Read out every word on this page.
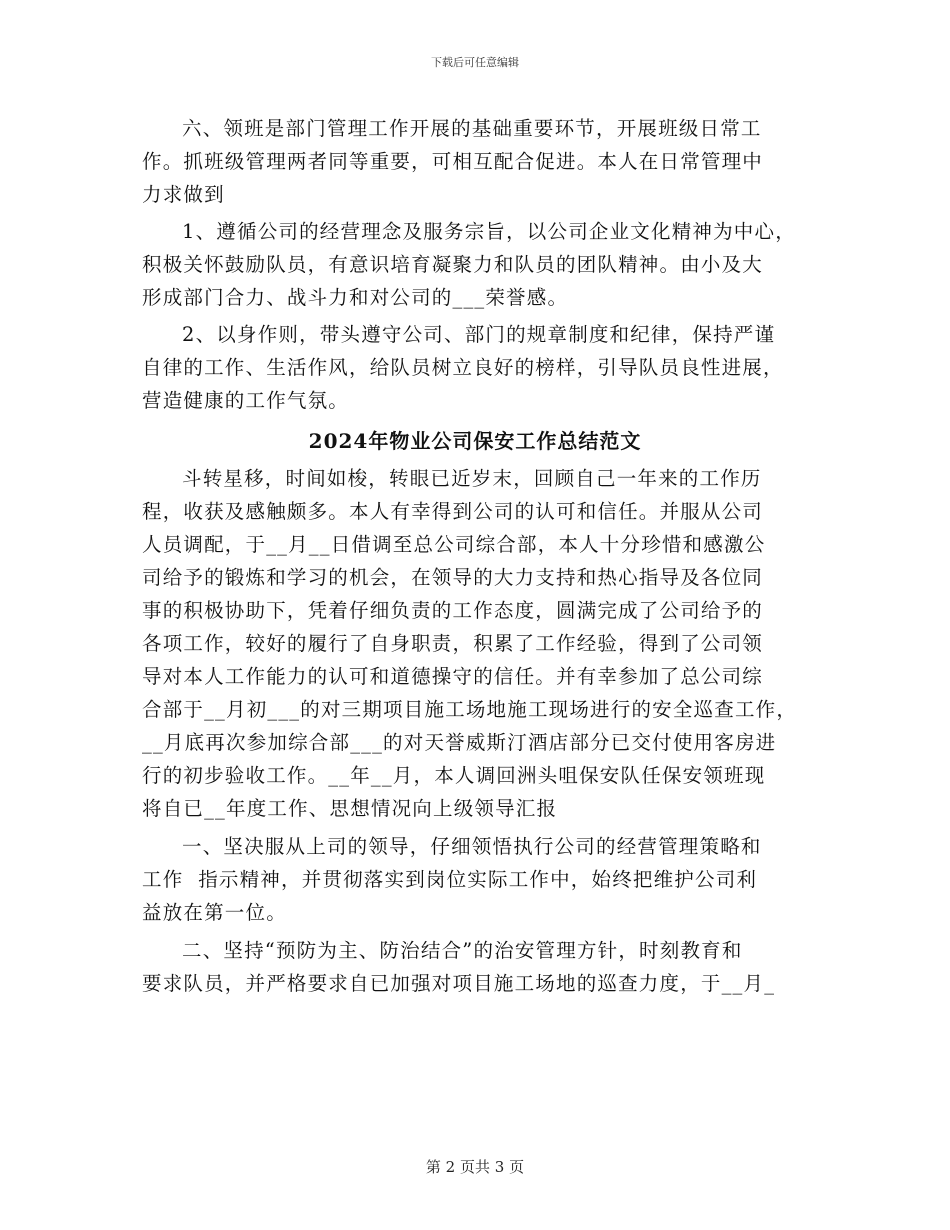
下载后可任意编辑
六、领班是部门管理工作开展的基础重要环节，开展班级日常工
作。抓班级管理两者同等重要，可相互配合促进。本人在日常管理中
力求做到
1、遵循公司的经营理念及服务宗旨，以公司企业文化精神为中心，
积极关怀鼓励队员，有意识培育凝聚力和队员的团队精神。由小及大
形成部门合力、战斗力和对公司的___荣誉感。
2、以身作则，带头遵守公司、部门的规章制度和纪律，保持严谨
自律的工作、生活作风，给队员树立良好的榜样，引导队员良性进展，
营造健康的工作气氛。
2024年物业公司保安工作总结范文
斗转星移，时间如梭，转眼已近岁末，回顾自己一年来的工作历
程，收获及感触颇多。本人有幸得到公司的认可和信任。并服从公司
人员调配，于__月__日借调至总公司综合部，本人十分珍惜和感激公
司给予的锻炼和学习的机会，在领导的大力支持和热心指导及各位同
事的积极协助下，凭着仔细负责的工作态度，圆满完成了公司给予的
各项工作，较好的履行了自身职责，积累了工作经验，得到了公司领
导对本人工作能力的认可和道德操守的信任。并有幸参加了总公司综
合部于__月初___的对三期项目施工场地施工现场进行的安全巡查工作，
__月底再次参加综合部___的对天誉威斯汀酒店部分已交付使用客房进
行的初步验收工作。__年__月，本人调回洲头咀保安队任保安领班现
将自已__年度工作、思想情况向上级领导汇报
一、坚决服从上司的领导，仔细领悟执行公司的经营管理策略和
工作  指示精神，并贯彻落实到岗位实际工作中，始终把维护公司利
益放在第一位。
二、坚持“预防为主、防治结合”的治安管理方针，时刻教育和
要求队员，并严格要求自已加强对项目施工场地的巡查力度，于__月_
第 2 页共 3 页
